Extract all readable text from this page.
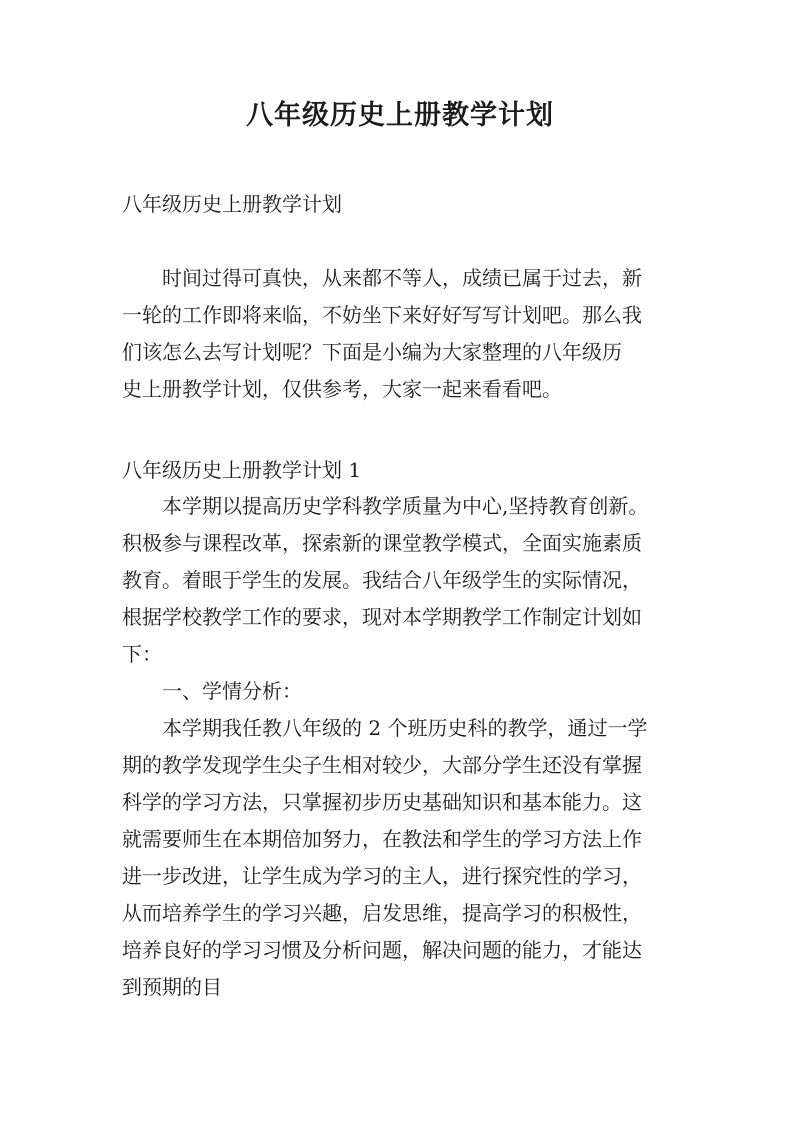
八年级历史上册教学计划
八年级历史上册教学计划
时间过得可真快，从来都不等人，成绩已属于过去，新
一轮的工作即将来临，不妨坐下来好好写写计划吧。那么我
们该怎么去写计划呢？下面是小编为大家整理的八年级历
史上册教学计划，仅供参考，大家一起来看看吧。
八年级历史上册教学计划 1
本学期以提高历史学科教学质量为中心,坚持教育创新。
积极参与课程改革，探索新的课堂教学模式，全面实施素质
教育。着眼于学生的发展。我结合八年级学生的实际情况，
根据学校教学工作的要求，现对本学期教学工作制定计划如
下：
一、学情分析：
本学期我任教八年级的 2 个班历史科的教学，通过一学
期的教学发现学生尖子生相对较少，大部分学生还没有掌握
科学的学习方法，只掌握初步历史基础知识和基本能力。这
就需要师生在本期倍加努力，在教法和学生的学习方法上作
进一步改进，让学生成为学习的主人，进行探究性的学习，
从而培养学生的学习兴趣，启发思维，提高学习的积极性，
培养良好的学习习惯及分析问题，解决问题的能力，才能达
到预期的目
